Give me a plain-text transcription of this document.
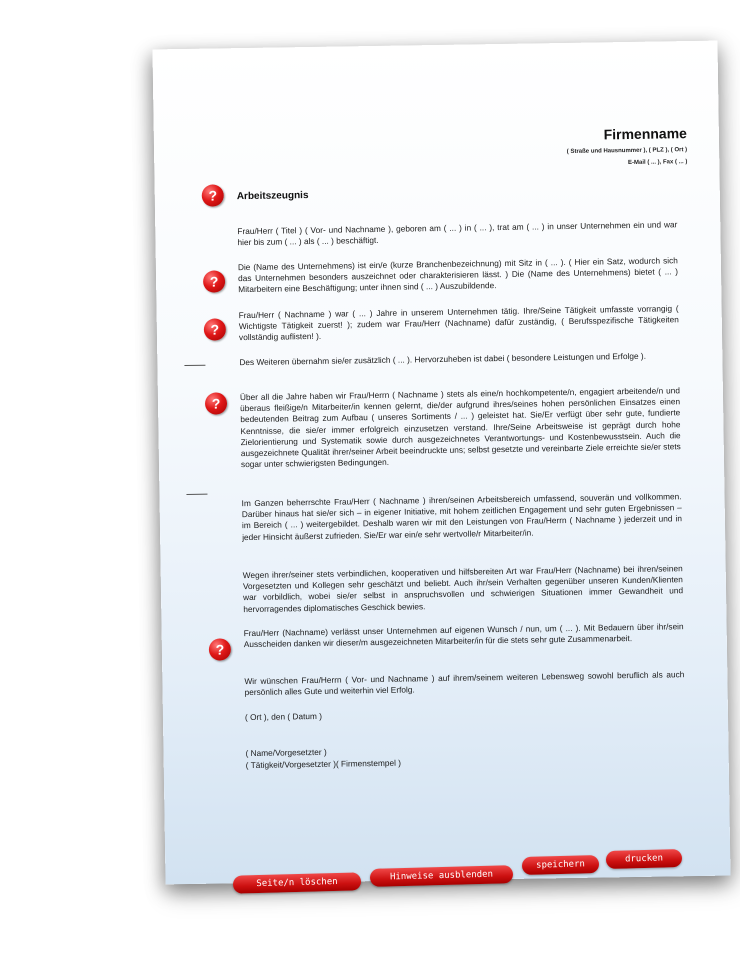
Firmenname
( Straße und Hausnummer ), ( PLZ ), ( Ort )
E-Mail ( ... ), Fax ( ... )
?	Arbeitszeugnis

Frau/Herr ( Titel ) ( Vor- und Nachname ), geboren am ( ... ) in ( ... ), trat am ( ... ) in unser Unternehmen ein und war hier bis zum ( ... ) als ( ... ) beschäftigt.

?

Die (Name des Unternehmens) ist ein/e (kurze Branchenbezeichnung) mit Sitz in ( ... ). ( Hier ein Satz, wodurch sich das Unternehmen besonders auszeichnet oder charakterisieren lässt. ) Die (Name des Unternehmens) bietet ( ... ) Mitarbeitern eine Beschäftigung; unter ihnen sind ( ... ) Auszubildende.

?

Frau/Herr ( Nachname ) war ( ... ) Jahre in unserem Unternehmen tätig. Ihre/Seine Tätigkeit umfasste vorrangig ( Wichtigste Tätigkeit zuerst! ); zudem war Frau/Herr (Nachname) dafür zuständig, ( Berufsspezifische Tätigkeiten vollständig auflisten! ).

Des Weiteren übernahm sie/er zusätzlich ( ... ). Hervorzuheben ist dabei ( besondere Leistungen und Erfolge ).

?

Über all die Jahre haben wir Frau/Herrn ( Nachname ) stets als eine/n hochkompetente/n, engagiert arbeitende/n und überaus fleißige/n Mitarbeiter/in kennen gelernt, die/der aufgrund ihres/seines hohen persönlichen Einsatzes einen bedeutenden Beitrag zum Aufbau ( unseres Sortiments / ... ) geleistet hat. Sie/Er verfügt über sehr gute, fundierte Kenntnisse, die sie/er immer erfolgreich einzusetzen verstand. Ihre/Seine Arbeitsweise ist geprägt durch hohe Zielorientierung und Systematik sowie durch ausgezeichnetes Verantwortungs- und Kostenbewusstsein. Auch die ausgezeichnete Qualität ihrer/seiner Arbeit beeindruckte uns; selbst gesetzte und vereinbarte Ziele erreichte sie/er stets sogar unter schwierigsten Bedingungen.

Im Ganzen beherrschte Frau/Herr ( Nachname ) ihren/seinen Arbeitsbereich umfassend, souverän und vollkommen. Darüber hinaus hat sie/er sich – in eigener Initiative, mit hohem zeitlichen Engagement und sehr guten Ergebnissen – im Bereich ( ... ) weitergebildet. Deshalb waren wir mit den Leistungen von Frau/Herrn ( Nachname ) jederzeit und in jeder Hinsicht äußerst zufrieden. Sie/Er war ein/e sehr wertvolle/r Mitarbeiter/in.

Wegen ihrer/seiner stets verbindlichen, kooperativen und hilfsbereiten Art war Frau/Herr (Nachname) bei ihren/seinen Vorgesetzten und Kollegen sehr geschätzt und beliebt. Auch ihr/sein Verhalten gegenüber unseren Kunden/Klienten war vorbildlich, wobei sie/er selbst in anspruchsvollen und schwierigen Situationen immer Gewandheit und hervorragendes diplomatisches Geschick bewies.

?

Frau/Herr (Nachname) verlässt unser Unternehmen auf eigenen Wunsch / nun, um ( ... ). Mit Bedauern über ihr/sein Ausscheiden danken wir dieser/m ausgezeichneten Mitarbeiter/in für die stets sehr gute Zusammenarbeit.

Wir wünschen Frau/Herrn ( Vor- und Nachname ) auf ihrem/seinem weiteren Lebensweg sowohl beruflich als auch persönlich alles Gute und weiterhin viel Erfolg.

( Ort ), den ( Datum )

( Name/Vorgesetzter )

( Tätigkeit/Vorgesetzter )( Firmenstempel )

Seite/n löschen
Hinweise ausblenden
speichern
drucken
